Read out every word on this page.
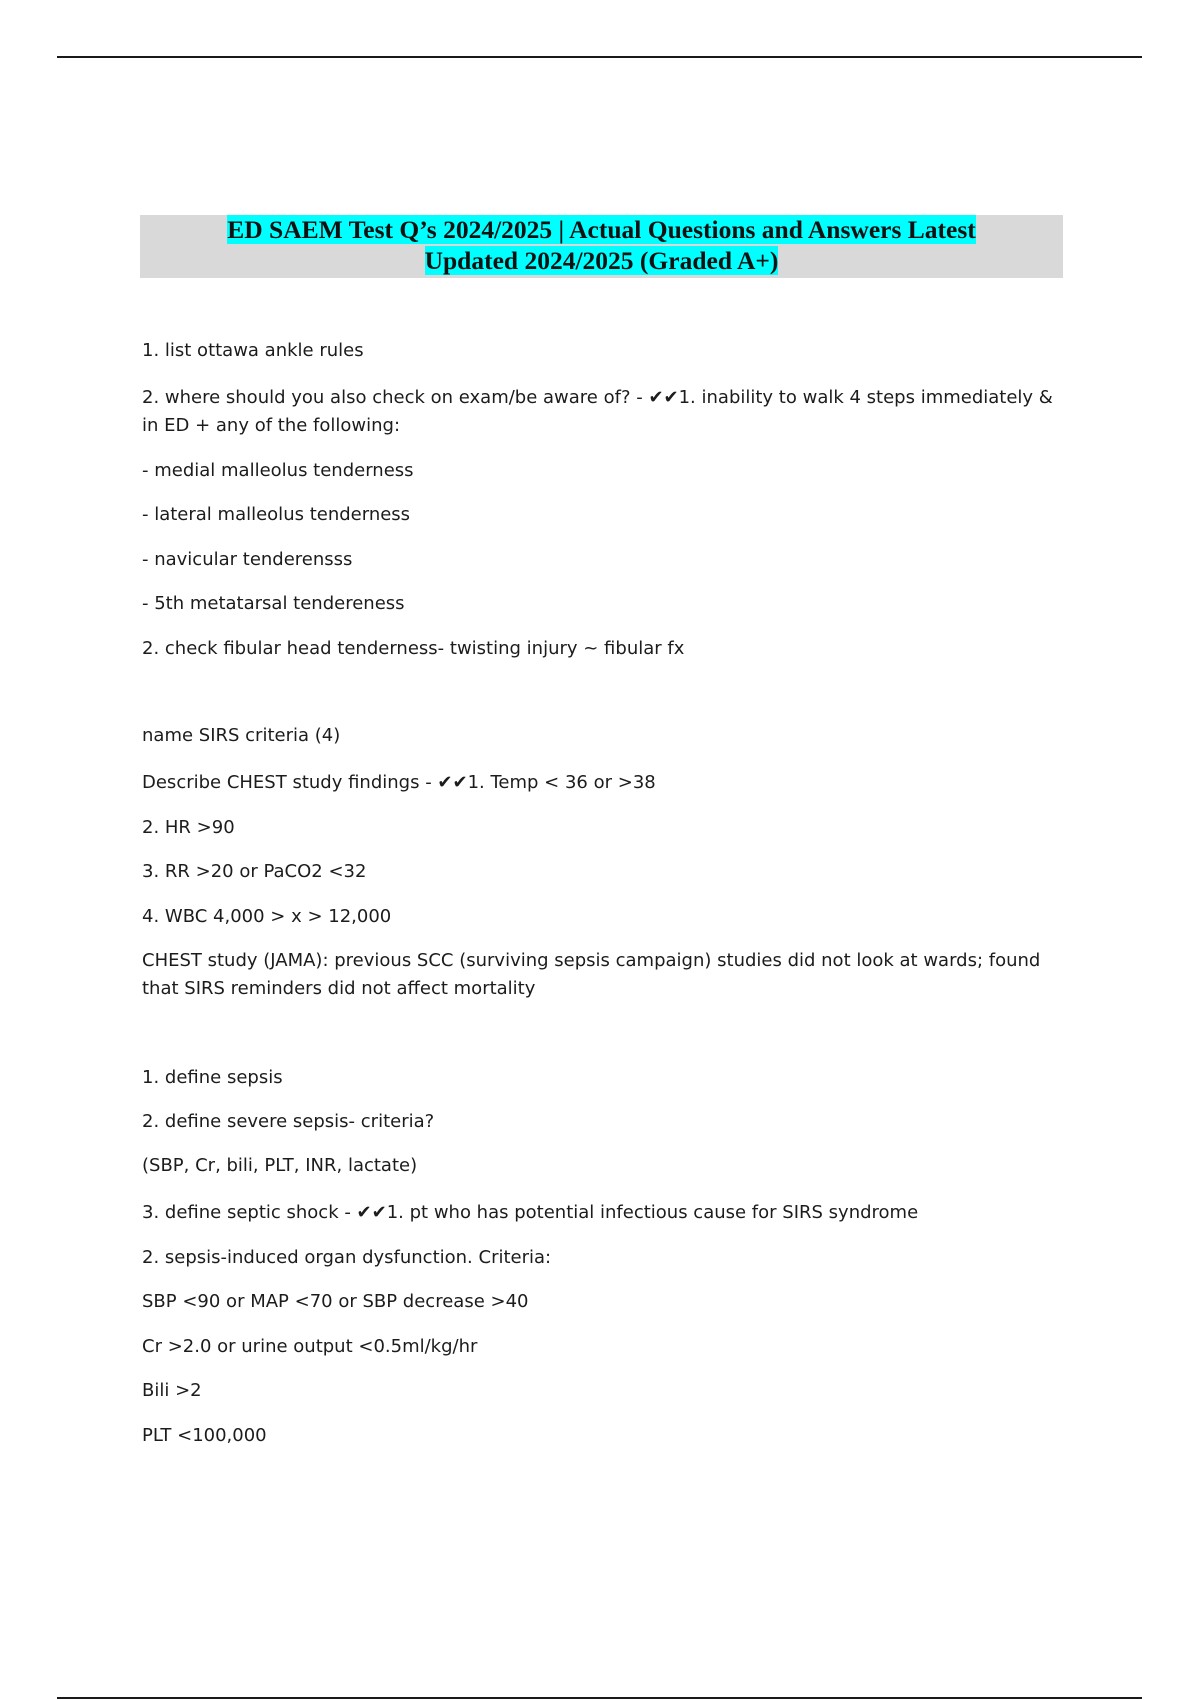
ED SAEM Test Q’s 2024/2025 | Actual Questions and Answers Latest
Updated 2024/2025 (Graded A+)
1. list ottawa ankle rules
2. where should you also check on exam/be aware of? - ✔✔1. inability to walk 4 steps immediately & in ED + any of the following:
- medial malleolus tenderness
- lateral malleolus tenderness
- navicular tenderensss
- 5th metatarsal tendereness
2. check fibular head tenderness- twisting injury ~ fibular fx
name SIRS criteria (4)
Describe CHEST study findings - ✔✔1. Temp < 36 or >38
2. HR >90
3. RR >20 or PaCO2 <32
4. WBC 4,000 > x > 12,000
CHEST study (JAMA): previous SCC (surviving sepsis campaign) studies did not look at wards; found that SIRS reminders did not affect mortality
1. define sepsis
2. define severe sepsis- criteria?
(SBP, Cr, bili, PLT, INR, lactate)
3. define septic shock - ✔✔1. pt who has potential infectious cause for SIRS syndrome
2. sepsis-induced organ dysfunction. Criteria:
SBP <90 or MAP <70 or SBP decrease >40
Cr >2.0 or urine output <0.5ml/kg/hr
Bili >2
PLT <100,000
